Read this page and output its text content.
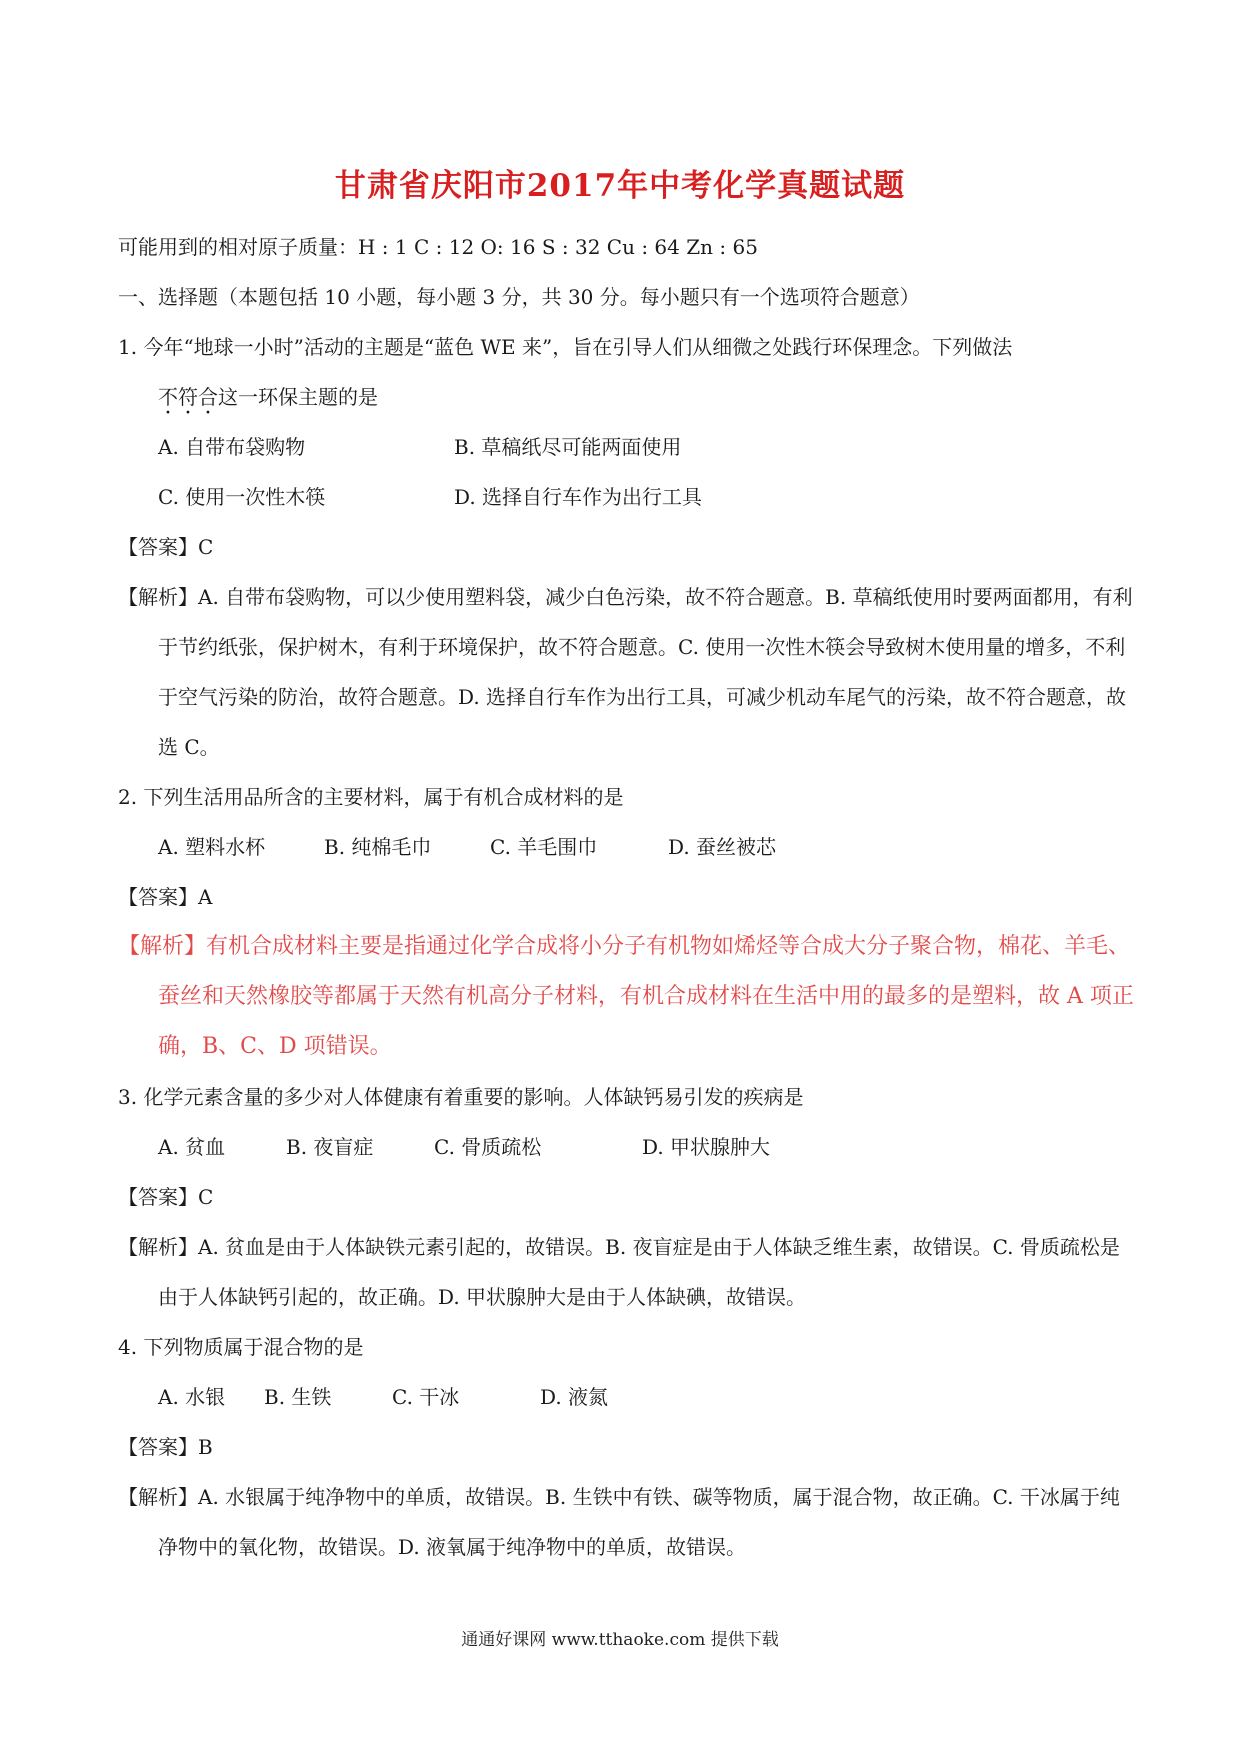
甘肃省庆阳市2017年中考化学真题试题
可能用到的相对原子质量：H : 1 C : 12 O: 16 S : 32 Cu : 64 Zn : 65
一、选择题（本题包括 10 小题，每小题 3 分，共 30 分。每小题只有一个选项符合题意）
1. 今年“地球一小时”活动的主题是“蓝色 WE 来”，旨在引导人们从细微之处践行环保理念。下列做法
不符合这一环保主题的是
A. 自带布袋购物	B. 草稿纸尽可能两面使用
C. 使用一次性木筷	D. 选择自行车作为出行工具
【答案】C
【解析】A. 自带布袋购物，可以少使用塑料袋，减少白色污染，故不符合题意。B. 草稿纸使用时要两面都用，有利于节约纸张，保护树木，有利于环境保护，故不符合题意。C. 使用一次性木筷会导致树木使用量的增多，不利于空气污染的防治，故符合题意。D. 选择自行车作为出行工具，可减少机动车尾气的污染，故不符合题意，故选 C。
2. 下列生活用品所含的主要材料，属于有机合成材料的是
A. 塑料水杯	B. 纯棉毛巾	C. 羊毛围巾	D. 蚕丝被芯
【答案】A
【解析】有机合成材料主要是指通过化学合成将小分子有机物如烯烃等合成大分子聚合物，棉花、羊毛、蚕丝和天然橡胶等都属于天然有机高分子材料，有机合成材料在生活中用的最多的是塑料，故 A 项正确，B、C、D 项错误。
3. 化学元素含量的多少对人体健康有着重要的影响。人体缺钙易引发的疾病是
A. 贫血	B. 夜盲症	C. 骨质疏松	D. 甲状腺肿大
【答案】C
【解析】A. 贫血是由于人体缺铁元素引起的，故错误。B. 夜盲症是由于人体缺乏维生素，故错误。C. 骨质疏松是由于人体缺钙引起的，故正确。D. 甲状腺肿大是由于人体缺碘，故错误。
4. 下列物质属于混合物的是
A. 水银	B. 生铁	C. 干冰	D. 液氮
【答案】B
【解析】A. 水银属于纯净物中的单质，故错误。B. 生铁中有铁、碳等物质，属于混合物，故正确。C. 干冰属于纯净物中的氧化物，故错误。D. 液氧属于纯净物中的单质，故错误。
通通好课网 www.tthaoke.com 提供下载
